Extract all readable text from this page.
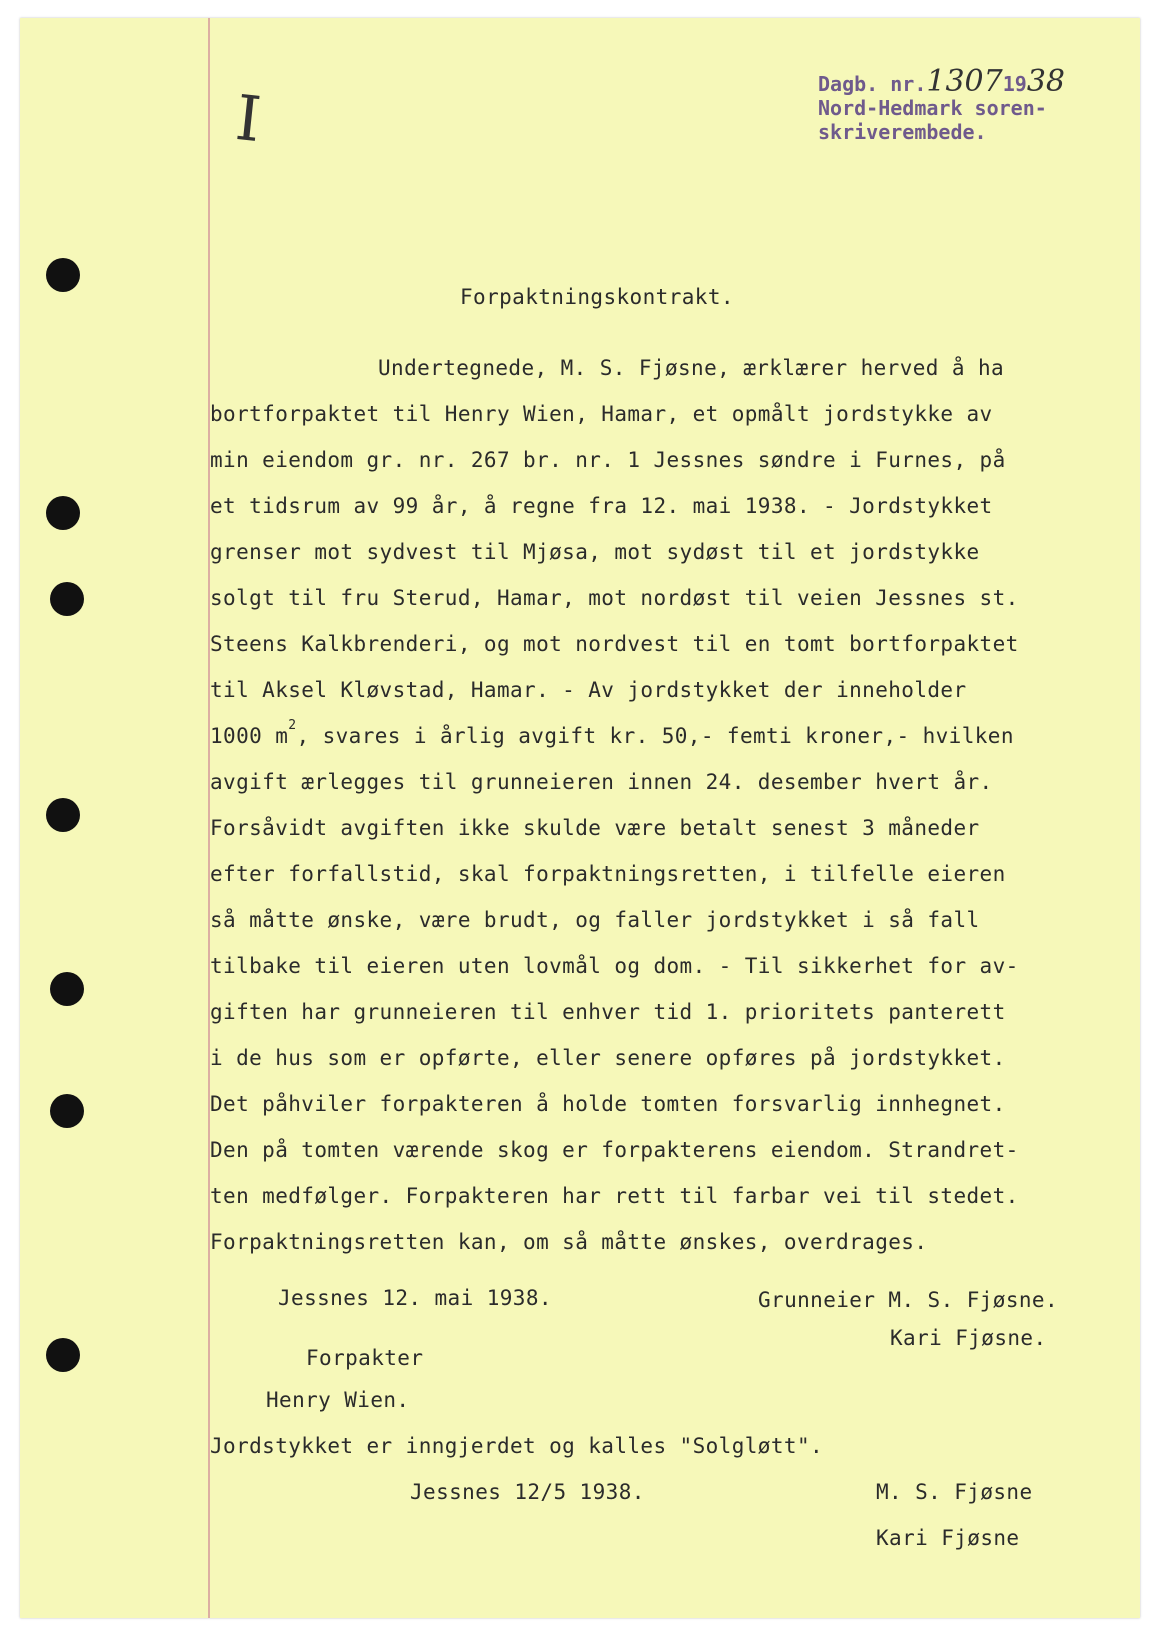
I	Dagb. nr.13071938
Nord-Hedmark soren-
skriverembede.
Forpaktningskontrakt.
Undertegnede, M. S. Fjøsne, ærklærer herved å ha
bortforpaktet til Henry Wien, Hamar, et opmålt jordstykke av
min eiendom gr. nr. 267 br. nr. 1 Jessnes søndre i Furnes, på
et tidsrum av 99 år, å regne fra 12. mai 1938. - Jordstykket
grenser mot sydvest til Mjøsa, mot sydøst til et jordstykke
solgt til fru Sterud, Hamar, mot nordøst til veien Jessnes st.
Steens Kalkbrenderi, og mot nordvest til en tomt bortforpaktet
til Aksel Kløvstad, Hamar. - Av jordstykket der inneholder
1000 $m^2$, svares i årlig avgift kr. 50,- femti kroner,- hvilken
avgift ærlegges til grunneieren innen 24. desember hvert år.
Forsåvidt avgiften ikke skulde være betalt senest 3 måneder
efter forfallstid, skal forpaktningsretten, i tilfelle eieren
så måtte ønske, være brudt, og faller jordstykket i så fall
tilbake til eieren uten lovmål og dom. - Til sikkerhet for av-
giften har grunneieren til enhver tid 1. prioritets panterett
i de hus som er opførte, eller senere opføres på jordstykket.
Det påhviler forpakteren å holde tomten forsvarlig innhegnet.
Den på tomten værende skog er forpakterens eiendom. Strandret-
ten medfølger. Forpakteren har rett til farbar vei til stedet.
Forpaktningsretten kan, om så måtte ønskes, overdrages.
Jessnes 12. mai 1938.	Grunneier M. S. Fjøsne.
Kari Fjøsne.
Forpakter
Henry Wien.
Jordstykket er inngjerdet og kalles "Solgløtt".
Jessnes 12/5 1938.	M. S. Fjøsne
Kari Fjøsne
